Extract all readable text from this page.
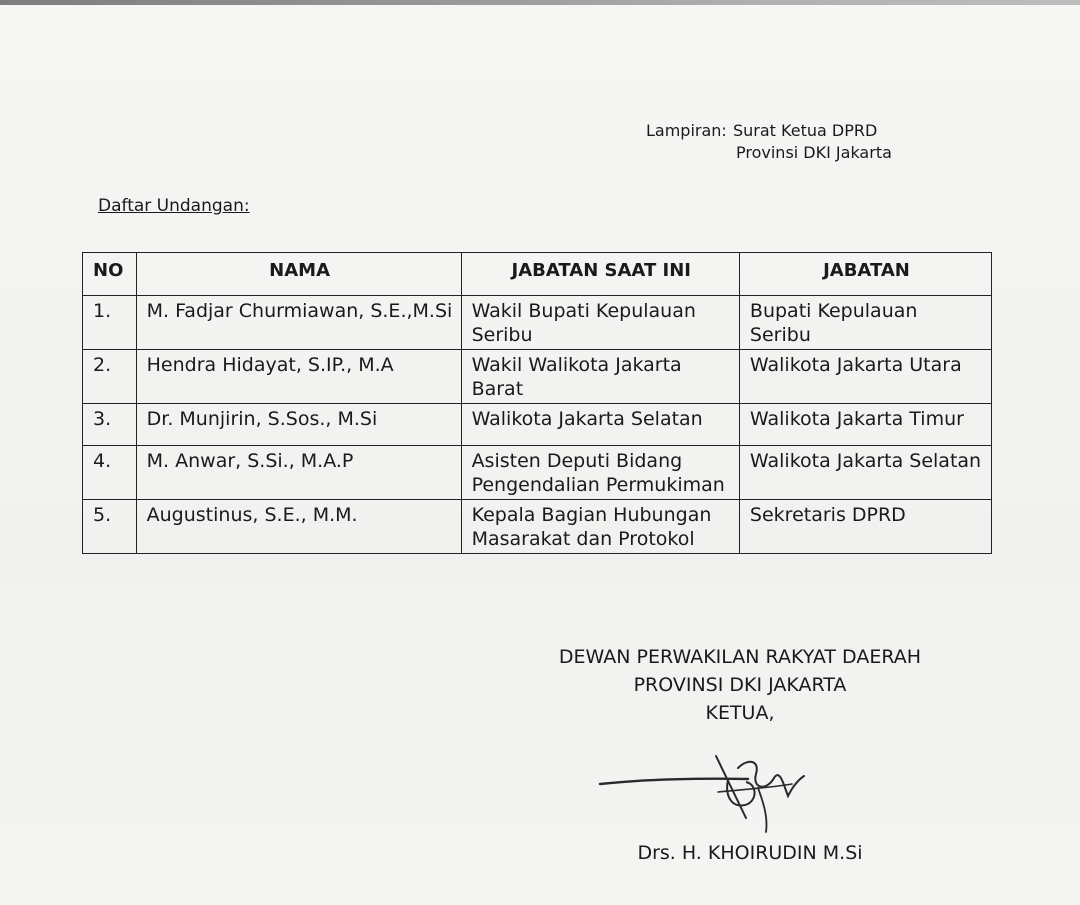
Lampiran: Surat Ketua DPRD
Provinsi DKI Jakarta
Daftar Undangan:
NO	NAMA	JABATAN SAAT INI	JABATAN
1.	M. Fadjar Churmiawan, S.E.,M.Si	Wakil Bupati Kepulauan Seribu	Bupati Kepulauan Seribu
2.	Hendra Hidayat, S.IP., M.A	Wakil Walikota Jakarta Barat	Walikota Jakarta Utara
3.	Dr. Munjirin, S.Sos., M.Si	Walikota Jakarta Selatan	Walikota Jakarta Timur
4.	M. Anwar, S.Si., M.A.P	Asisten Deputi Bidang Pengendalian Permukiman	Walikota Jakarta Selatan
5.	Augustinus, S.E., M.M.	Kepala Bagian Hubungan Masarakat dan Protokol	Sekretaris DPRD
DEWAN PERWAKILAN RAKYAT DAERAH
PROVINSI DKI JAKARTA
KETUA,
Drs. H. KHOIRUDIN M.Si
